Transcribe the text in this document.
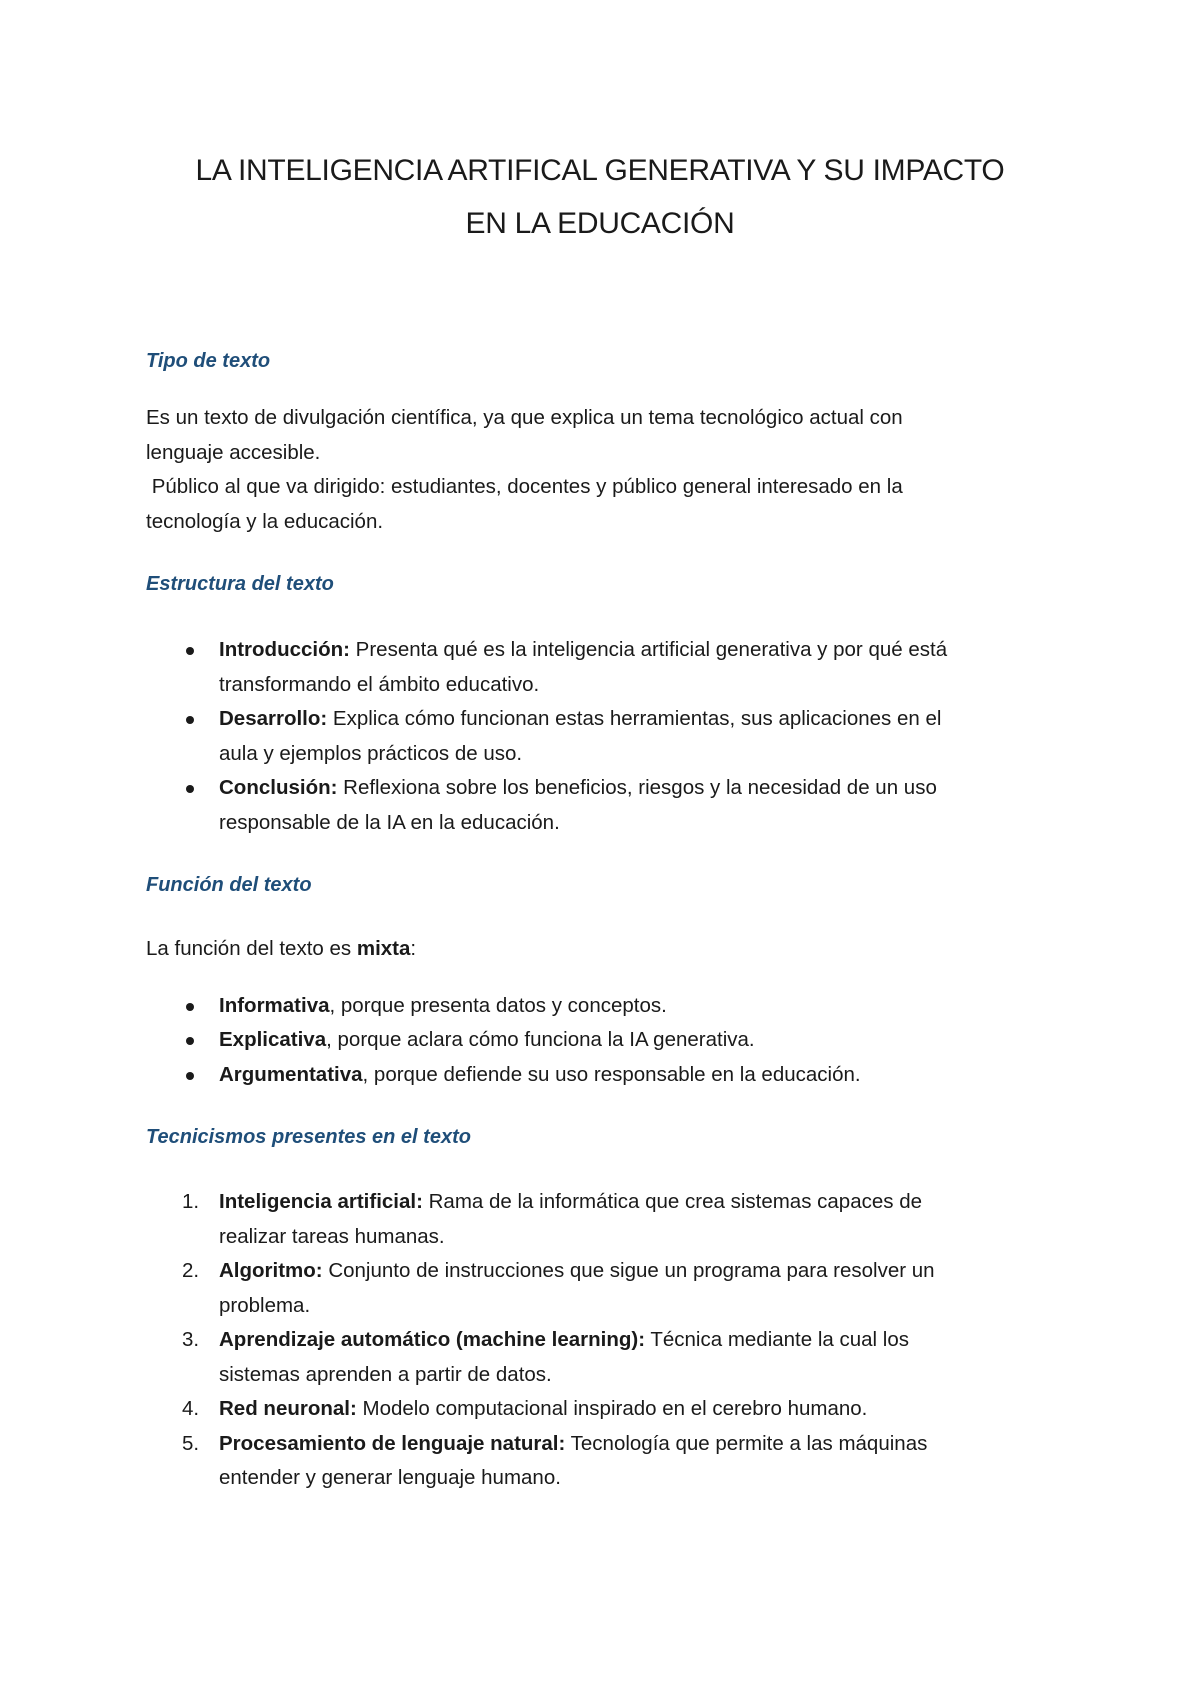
LA INTELIGENCIA ARTIFICAL GENERATIVA Y SU IMPACTO
EN LA EDUCACIÓN
Tipo de texto

Es un texto de divulgación científica, ya que explica un tema tecnológico actual con
lenguaje accesible.
Público al que va dirigido: estudiantes, docentes y público general interesado en la
tecnología y la educación.

Estructura del texto
Introducción: Presenta qué es la inteligencia artificial generativa y por qué está
transformando el ámbito educativo.
Desarrollo: Explica cómo funcionan estas herramientas, sus aplicaciones en el
aula y ejemplos prácticos de uso.
Conclusión: Reflexiona sobre los beneficios, riesgos y la necesidad de un uso
responsable de la IA en la educación.
Función del texto

La función del texto es mixta:

Informativa, porque presenta datos y conceptos.
Explicativa, porque aclara cómo funciona la IA generativa.
Argumentativa, porque defiende su uso responsable en la educación.
Tecnicismos presentes en el texto
1. Inteligencia artificial: Rama de la informática que crea sistemas capaces de
realizar tareas humanas.
2. Algoritmo: Conjunto de instrucciones que sigue un programa para resolver un
problema.
3. Aprendizaje automático (machine learning): Técnica mediante la cual los
sistemas aprenden a partir de datos.
4. Red neuronal: Modelo computacional inspirado en el cerebro humano.
5. Procesamiento de lenguaje natural: Tecnología que permite a las máquinas
entender y generar lenguaje humano.
